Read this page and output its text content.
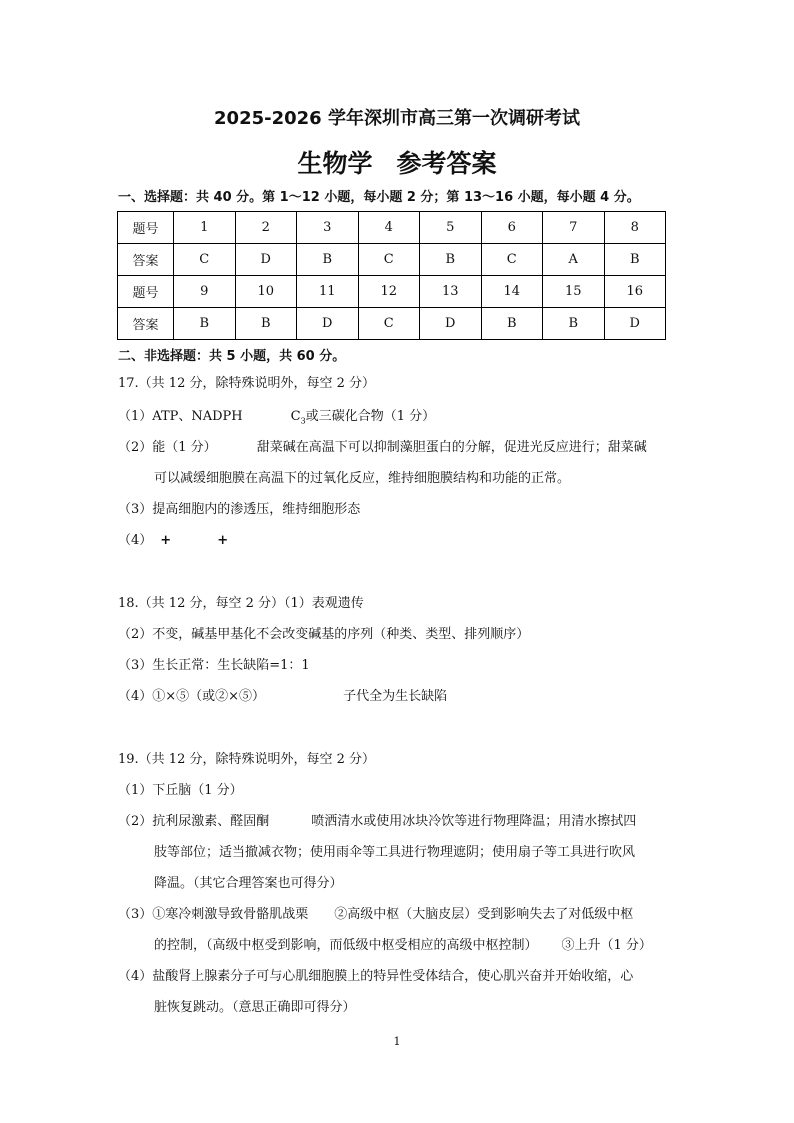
2025-2026 学年深圳市高三第一次调研考试
生物学 参考答案
一、选择题：共 40 分。第 1～12 小题，每小题 2 分；第 13～16 小题，每小题 4 分。
题号	1	2	3	4	5	6	7	8
答案	C	D	B	C	B	C	A	B
题号	9	10	11	12	13	14	15	16
答案	B	B	D	C	D	B	B	D
二、非选择题：共 5 小题，共 60 分。
17.（共 12 分，除特殊说明外，每空 2 分）
（1）ATP、NADPH	$C_3$或三碳化合物（1 分）
（2）能（1 分）	甜菜碱在高温下可以抑制藻胆蛋白的分解，促进光反应进行；甜菜碱
可以减缓细胞膜在高温下的过氧化反应，维持细胞膜结构和功能的正常。
（3）提高细胞内的渗透压，维持细胞形态
（4） +	+
18.（共 12 分，每空 2 分）（1）表观遗传
（2）不变，碱基甲基化不会改变碱基的序列（种类、类型、排列顺序）
（3）生长正常：生长缺陷=1：1
（4）①×⑤（或②×⑤）	子代全为生长缺陷
19.（共 12 分，除特殊说明外，每空 2 分）
（1）下丘脑（1 分）
（2）抗利尿激素、醛固酮	喷洒清水或使用冰块冷饮等进行物理降温；用清水擦拭四
肢等部位；适当撤减衣物；使用雨伞等工具进行物理遮阴；使用扇子等工具进行吹风
降温。（其它合理答案也可得分）
（3）①寒冷刺激导致骨骼肌战栗 ②高级中枢（大脑皮层）受到影响失去了对低级中枢
的控制，（高级中枢受到影响，而低级中枢受相应的高级中枢控制） ③上升（1 分）
（4）盐酸肾上腺素分子可与心肌细胞膜上的特异性受体结合，使心肌兴奋并开始收缩，心
脏恢复跳动。（意思正确即可得分）
1
